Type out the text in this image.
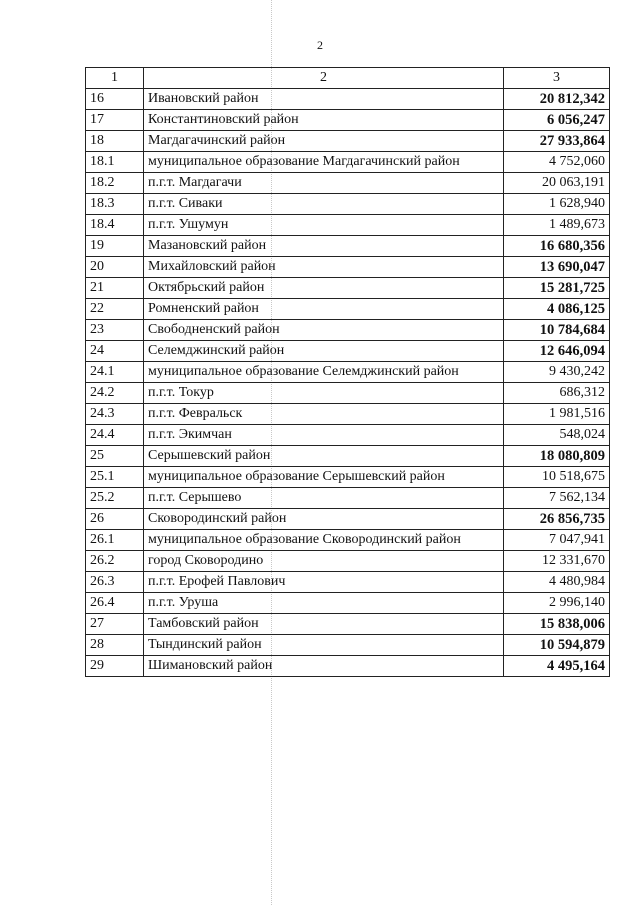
2
1	2	3
16	Ивановский район	20 812,342
17	Константиновский район	6 056,247
18	Магдагачинский район	27 933,864
18.1	муниципальное образование Магдагачинский район	4 752,060
18.2	п.г.т. Магдагачи	20 063,191
18.3	п.г.т. Сиваки	1 628,940
18.4	п.г.т. Ушумун	1 489,673
19	Мазановский район	16 680,356
20	Михайловский район	13 690,047
21	Октябрьский район	15 281,725
22	Ромненский район	4 086,125
23	Свободненский район	10 784,684
24	Селемджинский район	12 646,094
24.1	муниципальное образование Селемджинский район	9 430,242
24.2	п.г.т. Токур	686,312
24.3	п.г.т. Февральск	1 981,516
24.4	п.г.т. Экимчан	548,024
25	Серышевский район	18 080,809
25.1	муниципальное образование Серышевский район	10 518,675
25.2	п.г.т. Серышево	7 562,134
26	Сковородинский район	26 856,735
26.1	муниципальное образование Сковородинский район	7 047,941
26.2	город Сковородино	12 331,670
26.3	п.г.т. Ерофей Павлович	4 480,984
26.4	п.г.т. Уруша	2 996,140
27	Тамбовский район	15 838,006
28	Тындинский район	10 594,879
29	Шимановский район	4 495,164
